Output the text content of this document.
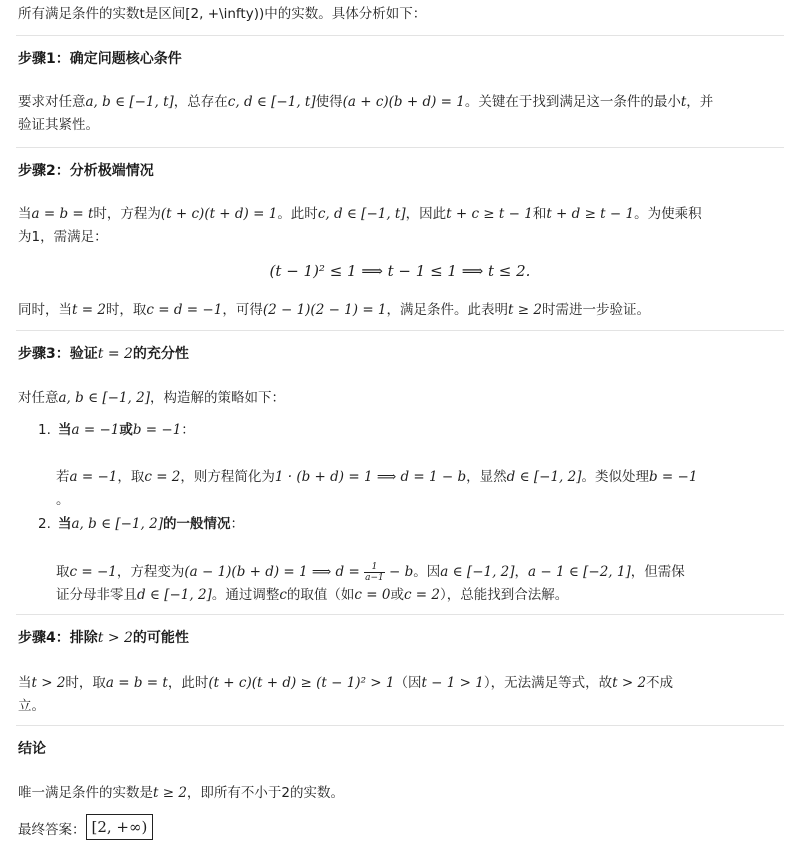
所有满足条件的实数t是区间[2, +\infty))中的实数。具体分析如下：
步骤1：确定问题核心条件
要求对任意a, b ∈ [−1, t]，总存在c, d ∈ [−1, t]使得(a + c)(b + d) = 1。关键在于找到满足这一条件的最小t，并
验证其紧性。
步骤2：分析极端情况
当a = b = t时，方程为(t + c)(t + d) = 1。此时c, d ∈ [−1, t]，因此t + c ≥ t − 1和t + d ≥ t − 1。为使乘积
为1，需满足：
(t − 1)² ≤ 1 ⟹ t − 1 ≤ 1 ⟹ t ≤ 2.
同时，当t = 2时，取c = d = −1，可得(2 − 1)(2 − 1) = 1，满足条件。此表明t ≥ 2时需进一步验证。
步骤3：验证t = 2的充分性
对任意a, b ∈ [−1, 2]，构造解的策略如下：
1. 当a = −1或b = −1：
若a = −1，取c = 2，则方程简化为1 · (b + d) = 1 ⟹ d = 1 − b，显然d ∈ [−1, 2]。类似处理b = −1
。
2. 当a, b ∈ [−1, 2]的一般情况：
取c = −1，方程变为(a − 1)(b + d) = 1 ⟹ $d = \frac{1}{a-1} - b$。因a ∈ [−1, 2]，a − 1 ∈ [−2, 1]，但需保
证分母非零且d ∈ [−1, 2]。通过调整c的取值（如c = 0或c = 2），总能找到合法解。
步骤4：排除t > 2的可能性
当t > 2时，取a = b = t，此时(t + c)(t + d) ≥ (t − 1)² > 1（因t − 1 > 1），无法满足等式，故t > 2不成
立。
结论
唯一满足条件的实数是t ≥ 2，即所有不小于2的实数。
最终答案： [2, +∞)
